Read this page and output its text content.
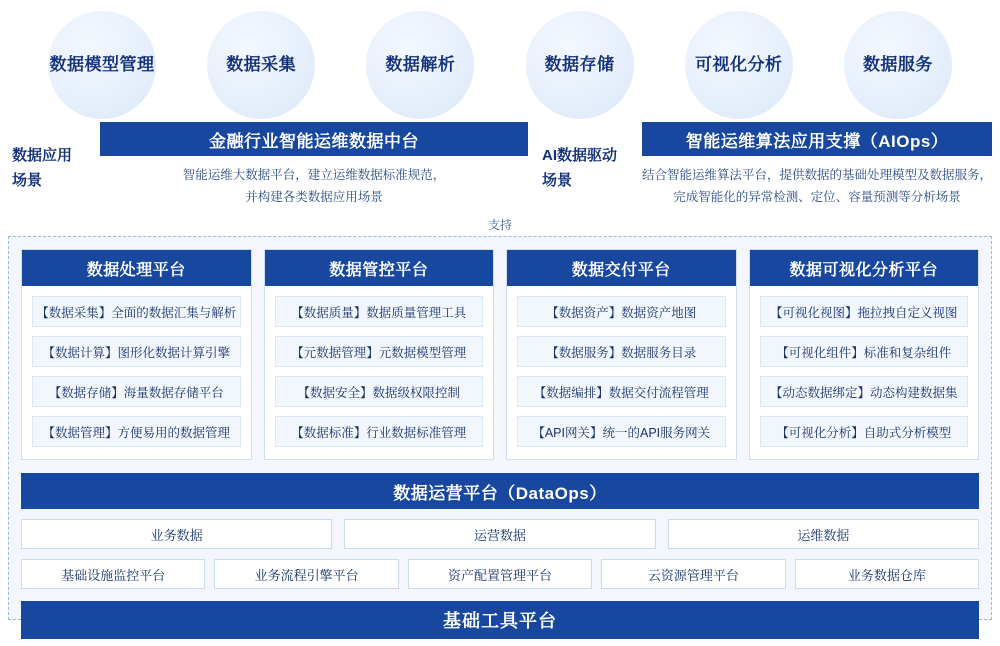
数据模型管理	数据采集	数据解析	数据存储	可视化分析	数据服务
数据应用
场景
金融行业智能运维数据中台
智能运维大数据平台，建立运维数据标准规范，
并构建各类数据应用场景
AI数据驱动
场景
智能运维算法应用支撑（AIOps）
结合智能运维算法平台，提供数据的基础处理模型及数据服务，
完成智能化的异常检测、定位、容量预测等分析场景
支持
数据处理平台
【数据采集】全面的数据汇集与解析
【数据计算】图形化数据计算引擎
【数据存储】海量数据存储平台
【数据管理】方便易用的数据管理
数据管控平台
【数据质量】数据质量管理工具
【元数据管理】元数据模型管理
【数据安全】数据级权限控制
【数据标准】行业数据标准管理
数据交付平台
【数据资产】数据资产地图
【数据服务】数据服务目录
【数据编排】数据交付流程管理
【API网关】统一的API服务网关
数据可视化分析平台
【可视化视图】拖拉拽自定义视图
【可视化组件】标准和复杂组件
【动态数据绑定】动态构建数据集
【可视化分析】自助式分析模型
数据运营平台（DataOps）
业务数据	运营数据	运维数据
基础设施监控平台	业务流程引擎平台	资产配置管理平台	云资源管理平台	业务数据仓库
基础工具平台
